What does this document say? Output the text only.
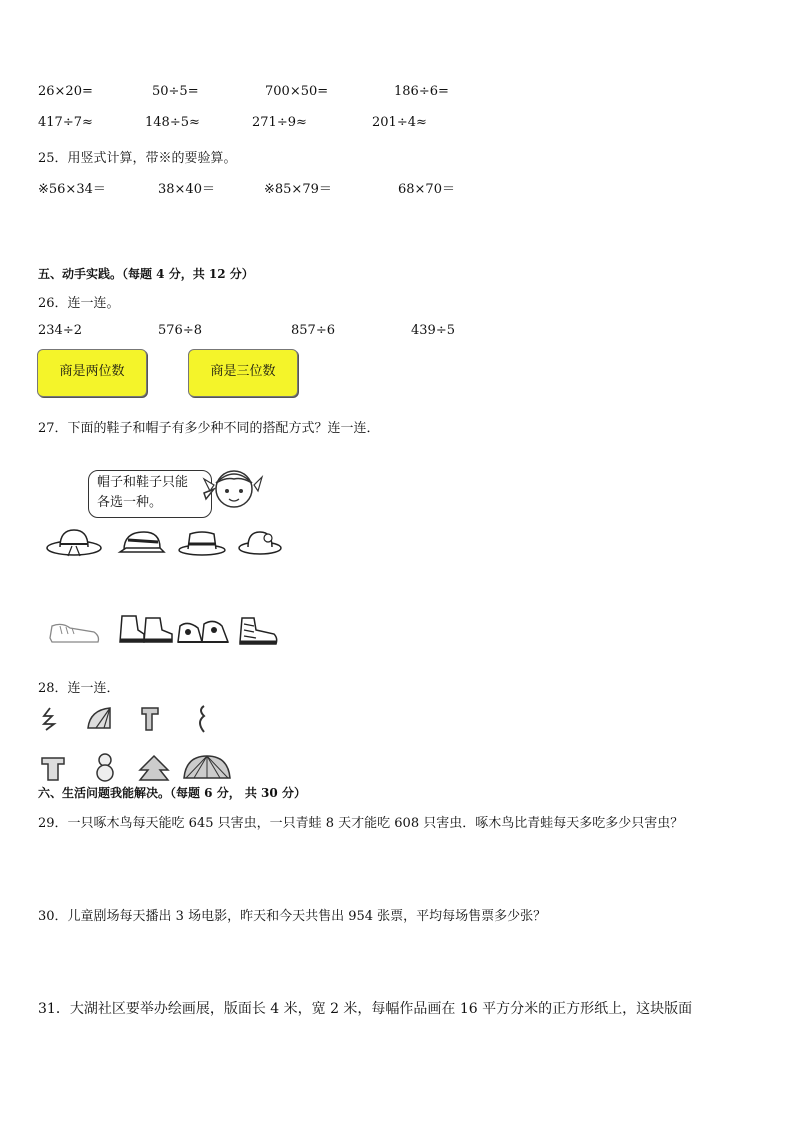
26×20=	50÷5=	700×50=	186÷6=
417÷7≈	148÷5≈	271÷9≈	201÷4≈
25．用竖式计算，带※的要验算。
※56×34＝	38×40＝	※85×79＝	68×70＝
五、动手实践。（每题 4 分，共 12 分）
26．连一连。
234÷2	576÷8	857÷6	439÷5
商是两位数	商是三位数
27．下面的鞋子和帽子有多少种不同的搭配方式？连一连．
帽子和鞋子只能
各选一种。
28．连一连．
六、生活问题我能解决。（每题 6 分， 共 30 分）
29．一只啄木鸟每天能吃 645 只害虫，一只青蛙 8 天才能吃 608 只害虫．啄木鸟比青蛙每天多吃多少只害虫？
30．儿童剧场每天播出 3 场电影，昨天和今天共售出 954 张票，平均每场售票多少张？
31．大湖社区要举办绘画展，版面长 4 米，宽 2 米，每幅作品画在 16 平方分米的正方形纸上，这块版面
